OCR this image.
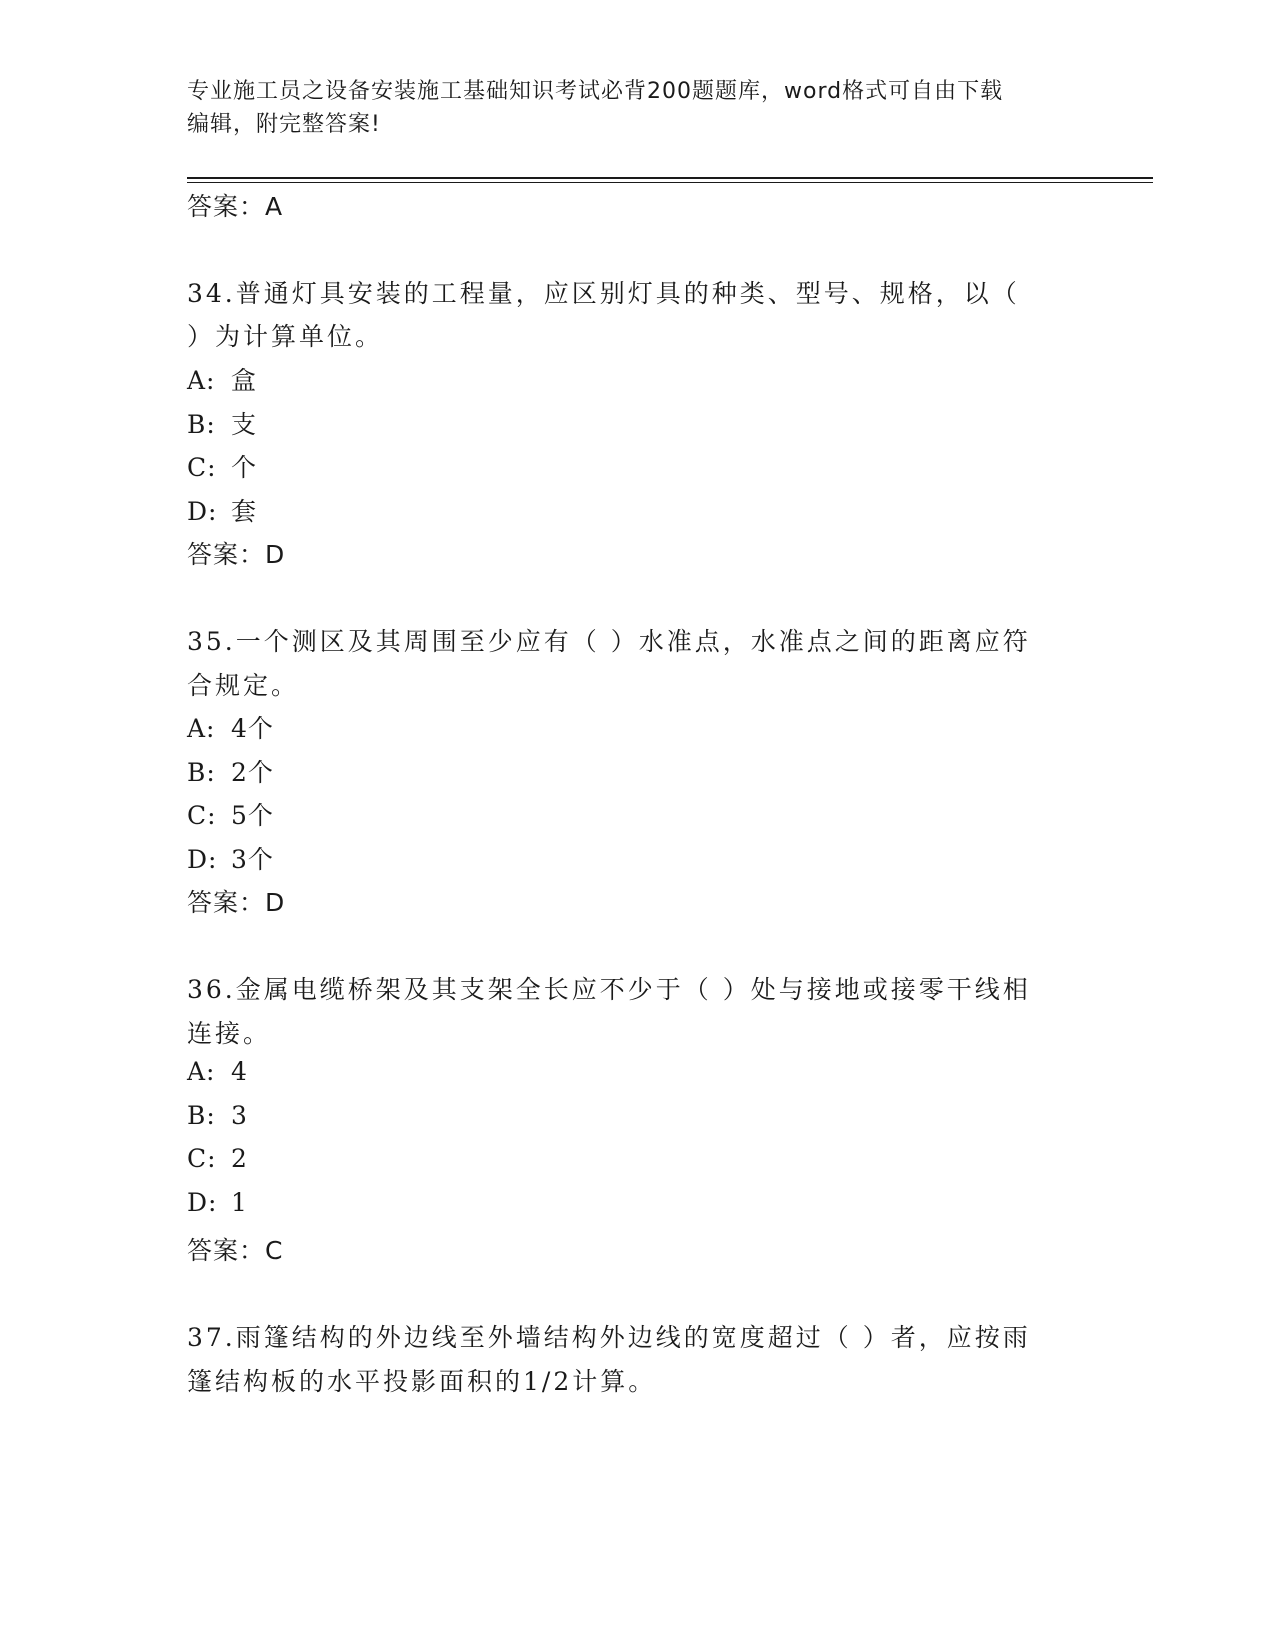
专业施工员之设备安装施工基础知识考试必背200题题库，word格式可自由下载
编辑，附完整答案!
答案：A
34.普通灯具安装的工程量，应区别灯具的种类、型号、规格，以（
）为计算单位。
A: 盒
B: 支
C: 个
D: 套
答案：D
35.一个测区及其周围至少应有（ ）水准点，水准点之间的距离应符
合规定。
A: 4个
B: 2个
C: 5个
D: 3个
答案：D
36.金属电缆桥架及其支架全长应不少于（ ）处与接地或接零干线相
连接。
A: 4
B: 3
C: 2
D: 1
答案：C
37.雨篷结构的外边线至外墙结构外边线的宽度超过（ ）者，应按雨
篷结构板的水平投影面积的1/2计算。
